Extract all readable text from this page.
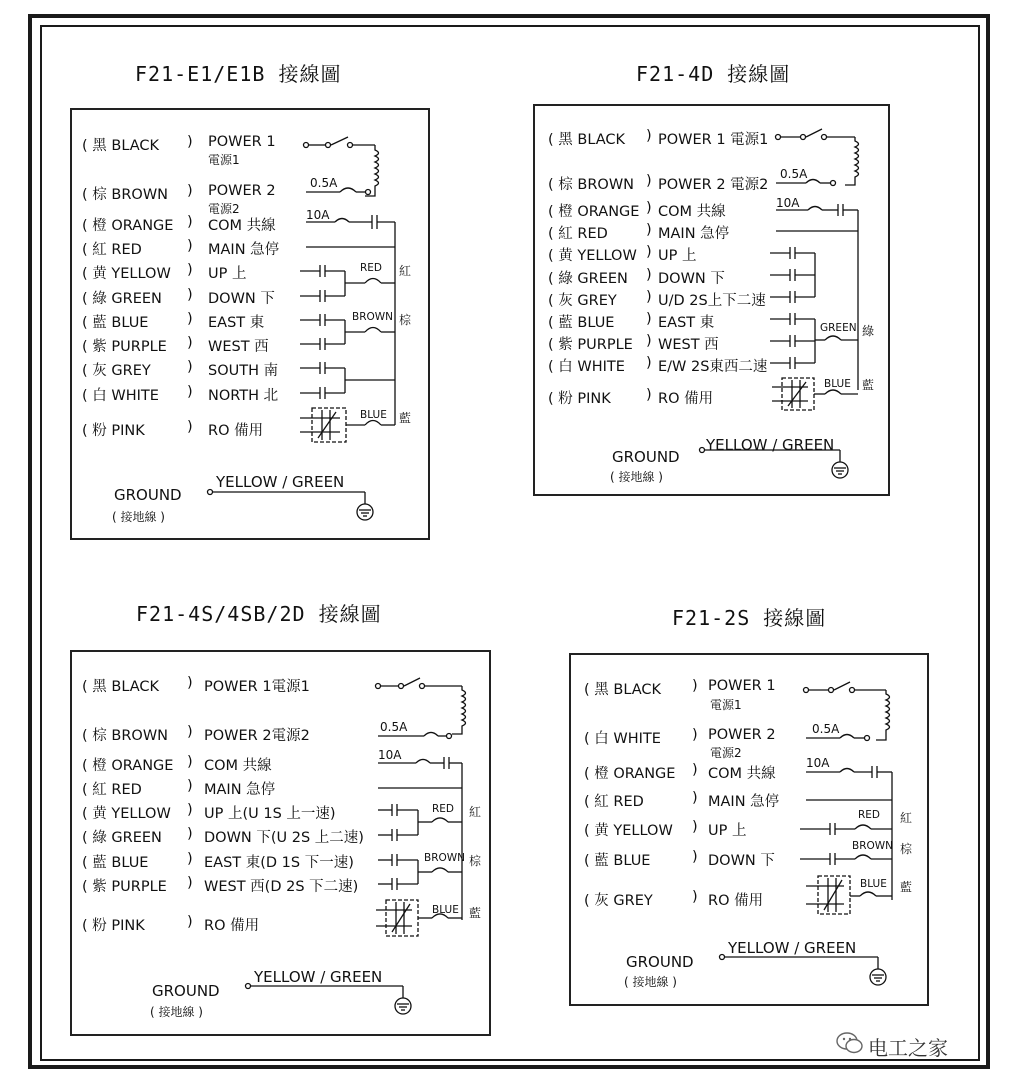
F21-E1/E1B 接線圖
( 黑 BLACK ) POWER 1
電源1
( 棕 BROWN ) POWER 2
電源2
( 橙 ORANGE ) COM 共線
( 紅 RED	) MAIN 急停
( 黄 YELLOW ) UP 上
( 綠 GREEN ) DOWN 下
( 藍 BLUE	) EAST 東
( 紫 PURPLE ) WEST 西
( 灰 GREY	) SOUTH 南
( 白 WHITE ) NORTH 北
( 粉 PINK	) RO 備用
0.5A
10A
RED
BROWN
BLUE
紅
棕
藍
GROUND
( 接地線 )
YELLOW / GREEN
F21-4D 接線圖
( 黑 BLACK ) POWER 1 電源1
( 棕 BROWN ) POWER 2 電源2
( 橙 ORANGE ) COM 共線
( 紅 RED	) MAIN 急停
( 黄 YELLOW ) UP 上
( 綠 GREEN ) DOWN 下
( 灰 GREY ) U/D 2S上下二速
( 藍 BLUE ) EAST 東
( 紫 PURPLE ) WEST 西
( 白 WHITE ) E/W 2S東西二速
( 粉 PINK ) RO 備用
0.5A
10A
GREEN
BLUE
綠
藍
GROUND
( 接地線 )
YELLOW / GREEN
F21-4S/4SB/2D 接線圖
( 黑 BLACK ) POWER 1電源1
( 棕 BROWN ) POWER 2電源2
( 橙 ORANGE ) COM 共線
( 紅 RED	) MAIN 急停
( 黄 YELLOW ) UP 上(U 1S 上一速)
( 綠 GREEN ) DOWN 下(U 2S 上二速)
( 藍 BLUE	) EAST 東(D 1S 下一速)
( 紫 PURPLE ) WEST 西(D 2S 下二速)
( 粉 PINK	) RO 備用
0.5A
10A
RED
BROWN
BLUE
紅
棕
藍
GROUND
( 接地線 )
YELLOW / GREEN
F21-2S 接線圖
( 黑 BLACK ) POWER 1
電源1
( 白 WHITE ) POWER 2
電源2
( 橙 ORANGE ) COM 共線
( 紅 RED	) MAIN 急停
( 黄 YELLOW ) UP 上
( 藍 BLUE	) DOWN 下
( 灰 GREY	) RO 備用
0.5A
10A
RED
BROWN
BLUE
紅
棕
藍
GROUND
( 接地線 )
YELLOW / GREEN
电工之家
